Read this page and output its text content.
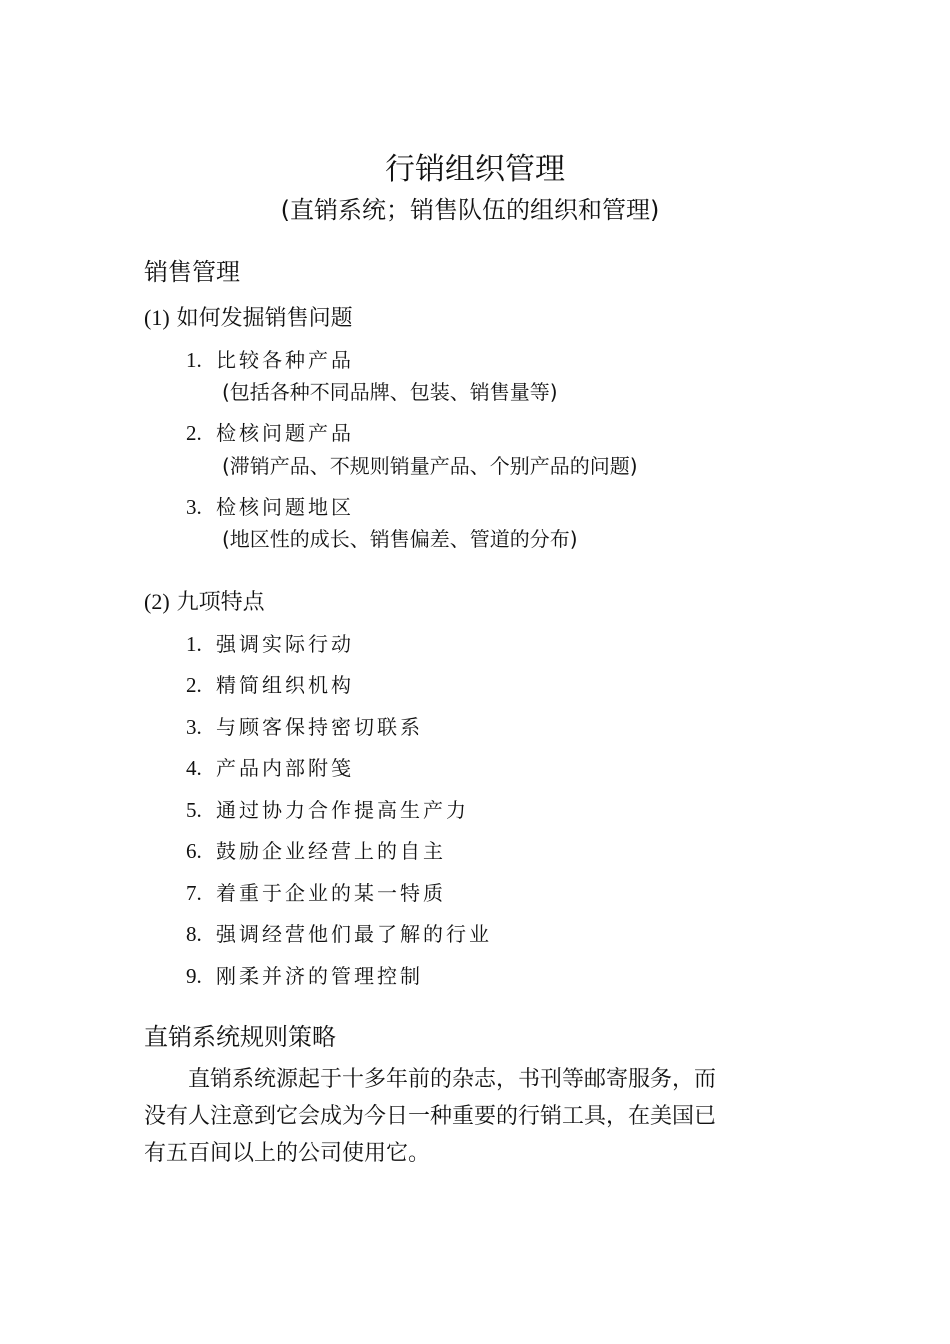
行销组织管理
(直销系统；销售队伍的组织和管理)
销售管理
(1) 如何发掘销售问题
1. 比较各种产品
(包括各种不同品牌、包装、销售量等)
2. 检核问题产品
(滞销产品、不规则销量产品、个别产品的问题)
3. 检核问题地区
(地区性的成长、销售偏差、管道的分布)
(2) 九项特点
1. 强调实际行动
2. 精简组织机构
3. 与顾客保持密切联系
4. 产品内部附笺
5. 通过协力合作提高生产力
6. 鼓励企业经营上的自主
7. 着重于企业的某一特质
8. 强调经营他们最了解的行业
9. 刚柔并济的管理控制
直销系统规则策略
直销系统源起于十多年前的杂志，书刊等邮寄服务，而
没有人注意到它会成为今日一种重要的行销工具，在美国已
有五百间以上的公司使用它。
